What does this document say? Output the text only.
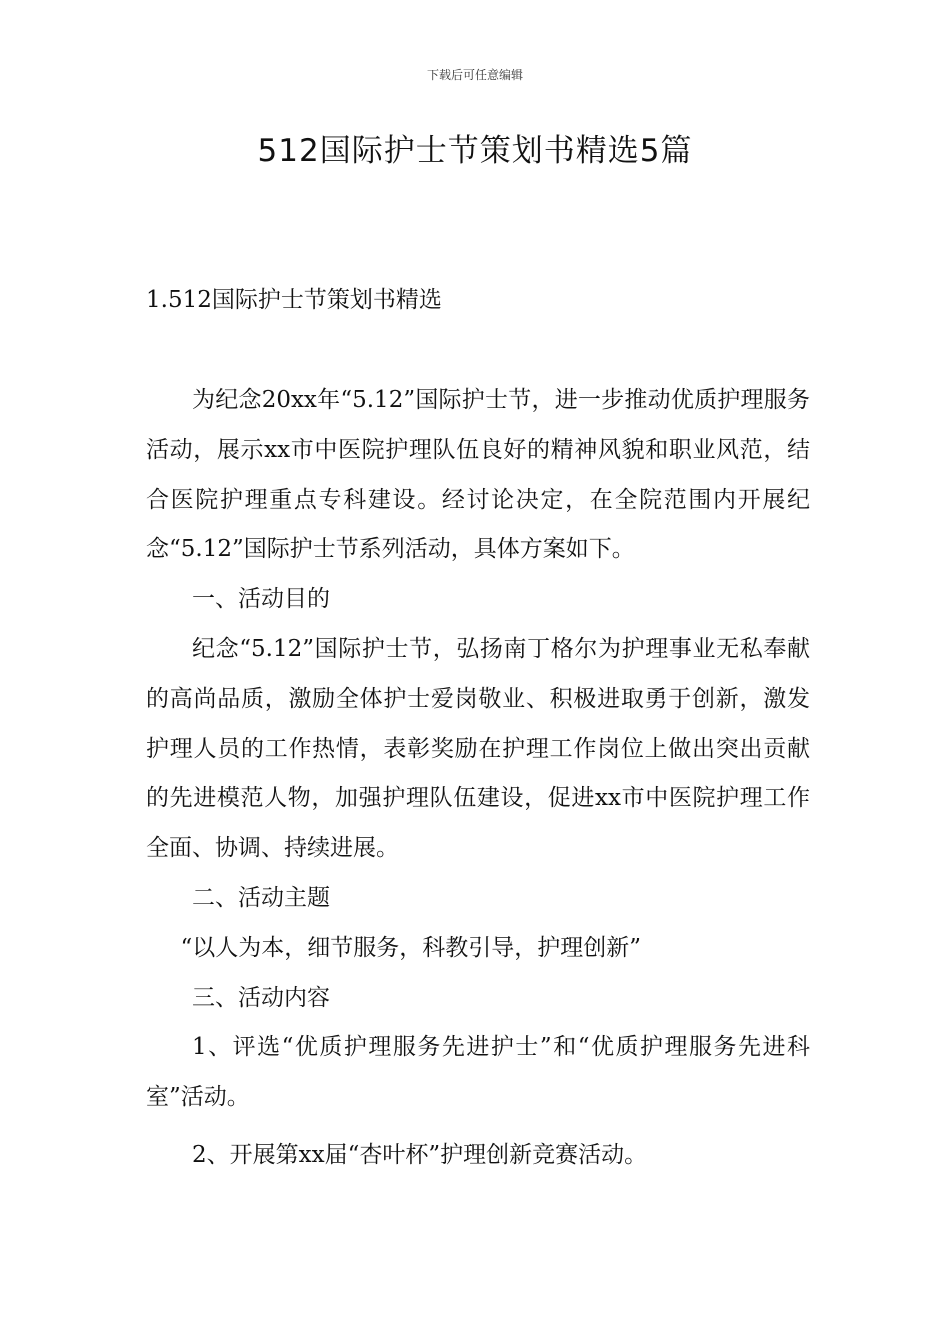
下载后可任意编辑
512国际护士节策划书精选5篇
1.512国际护士节策划书精选

为纪念20xx年“5.12”国际护士节，进一步推动优质护理服务活动，展示xx市中医院护理队伍良好的精神风貌和职业风范，结合医院护理重点专科建设。经讨论决定，在全院范围内开展纪念“5.12”国际护士节系列活动，具体方案如下。

一、活动目的

纪念“5.12”国际护士节，弘扬南丁格尔为护理事业无私奉献的高尚品质，激励全体护士爱岗敬业、积极进取勇于创新，激发护理人员的工作热情，表彰奖励在护理工作岗位上做出突出贡献的先进模范人物，加强护理队伍建设，促进xx市中医院护理工作全面、协调、持续进展。

二、活动主题

“以人为本，细节服务，科教引导，护理创新”

三、活动内容

1、评选“优质护理服务先进护士”和“优质护理服务先进科室”活动。

2、开展第xx届“杏叶杯”护理创新竞赛活动。
